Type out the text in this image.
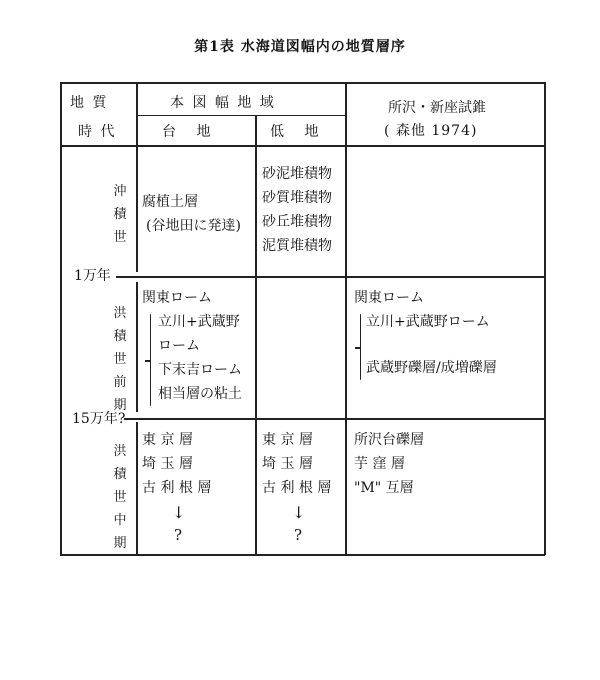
第1表 水海道図幅内の地質層序
地 質
時 代
本 図 幅 地 域
台 地	低 地
所沢・新座試錐
( 森他 1974)
沖積世
洪積世前期
洪積世中期
1万年
15万年?
腐植土層
(谷地田に発達)
砂泥堆積物
砂質堆積物
砂丘堆積物
泥質堆積物
関東ローム
立川+武蔵野
ローム
下末吉ローム
相当層の粘土
関東ローム
立川+武蔵野ローム
武蔵野礫層/成増礫層
東 京 層
埼 玉 層
古 利 根 層
↓
?
東 京 層
埼 玉 層
古 利 根 層
↓
?
所沢台礫層
芋 窪 層
"M" 互層
